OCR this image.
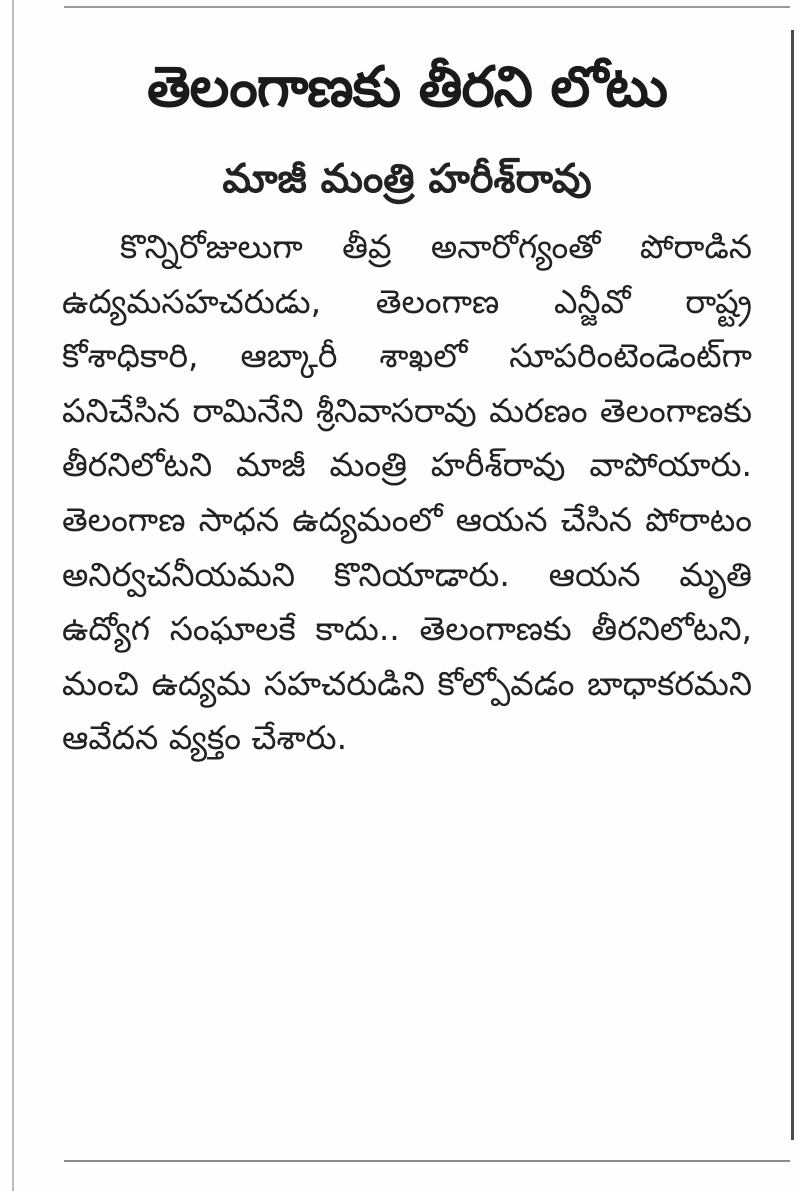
తెలంగాణకు తీరని లోటు
మాజీ మంత్రి హరీశ్‌రావు

కొన్నిరోజులుగా తీవ్ర అనారోగ్యంతో పోరాడిన ఉద్యమసహచరుడు, తెలంగాణ ఎన్జీవో రాష్ట్ర కోశాధికారి, ఆబ్కారీ శాఖలో సూపరింటెండెంట్‌గా పనిచేసిన రామినేని శ్రీనివాసరావు మరణం తెలంగాణకు తీరనిలోటని మాజీ మంత్రి హరీశ్‌రావు వాపోయారు. తెలంగాణ సాధన ఉద్యమంలో ఆయన చేసిన పోరాటం అనిర్వచనీయమని కొనియాడారు. ఆయన మృతి ఉద్యోగ సంఘాలకే కాదు.. తెలంగాణకు తీరనిలోటని, మంచి ఉద్యమ సహచరుడిని కోల్పోవడం బాధాకరమని ఆవేదన వ్యక్తం చేశారు.
